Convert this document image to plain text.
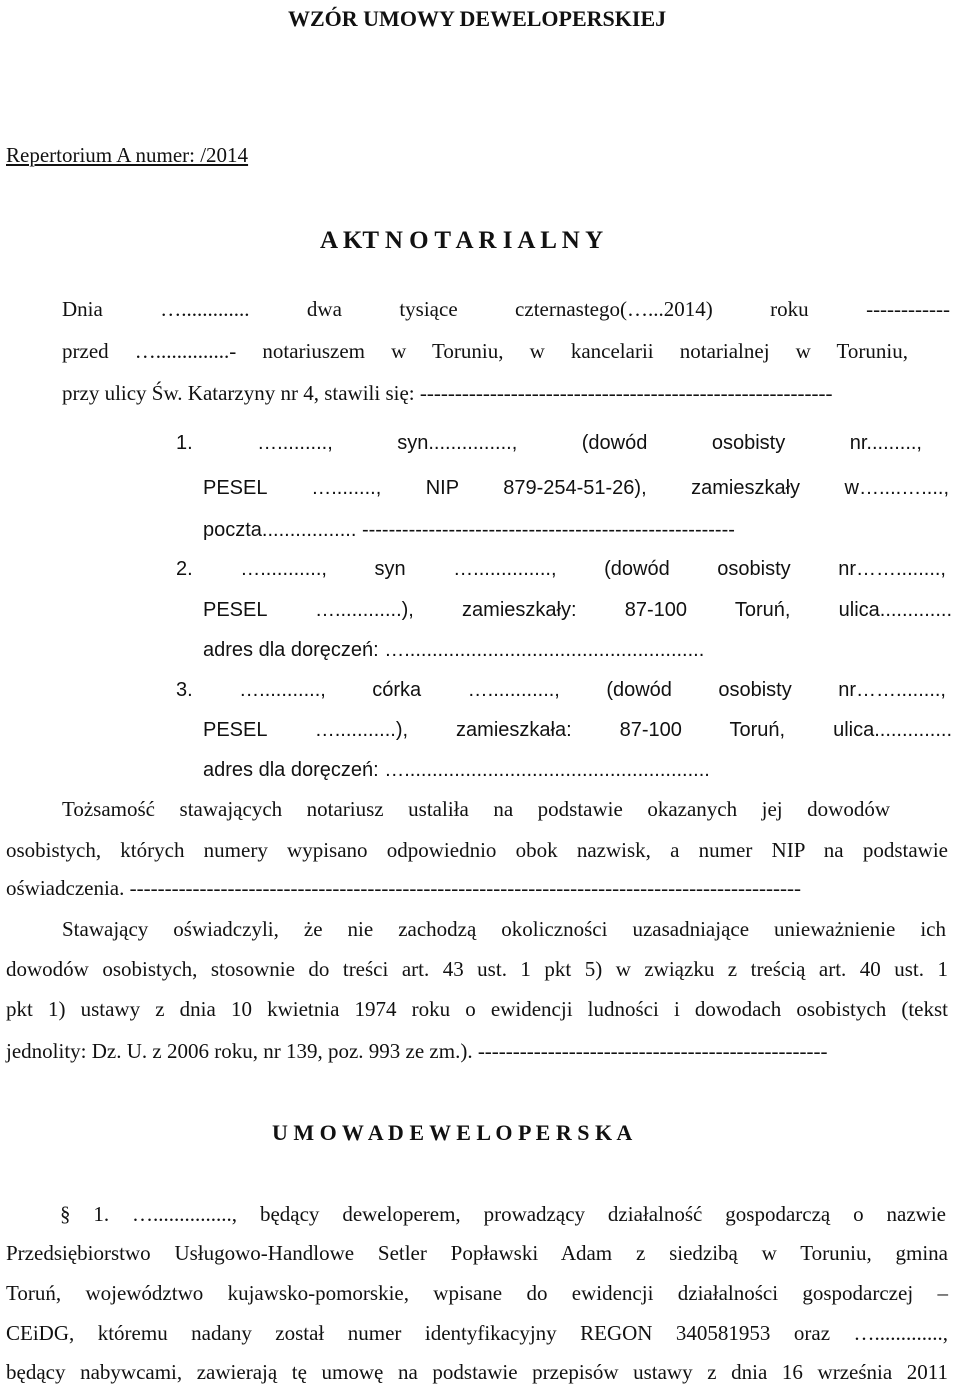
WZÓR UMOWY DEWELOPERSKIEJ
Repertorium A numer: /2014
A KT N O T A R I A L N Y
Dnia …............. dwa tysiące czternastego(…...2014) roku ------------
przed …..............- notariuszem w Toruniu, w kancelarii notarialnej w Toruniu,
przy ulicy Św. Katarzyny nr 4, stawili się: -----------------------------------------------------------
1. …........., syn..............., (dowód osobisty nr.........,
PESEL …........, NIP 879-254-51-26), zamieszkały w…....…....,
poczta................. --------------------------------------------------------
2. …..........., syn ….............., (dowód osobisty nr……........,
PESEL …............), zamieszkały: 87-100 Toruń, ulica.............
adres dla doręczeń: …......................................................
3. …..........., córka …............, (dowód osobisty nr……........,
PESEL …...........), zamieszkała: 87-100 Toruń, ulica..............
adres dla doręczeń: ….......................................................
Tożsamość stawających notariusz ustaliła na podstawie okazanych jej dowodów
osobistych, których numery wypisano odpowiednio obok nazwisk, a numer NIP na podstawie
oświadczenia. ------------------------------------------------------------------------------------------------
Stawający oświadczyli, że nie zachodzą okoliczności uzasadniające unieważnienie ich
dowodów osobistych, stosownie do treści art. 43 ust. 1 pkt 5) w związku z treścią art. 40 ust. 1
pkt 1) ustawy z dnia 10 kwietnia 1974 roku o ewidencji ludności i dowodach osobistych (tekst
jednolity: Dz. U. z 2006 roku, nr 139, poz. 993 ze zm.). --------------------------------------------------
U M O W A D E W E L O P E R S K A
§ 1. …..............., będący deweloperem, prowadzący działalność gospodarczą o nazwie
Przedsiębiorstwo Usługowo-Handlowe Setler Popławski Adam z siedzibą w Toruniu, gmina
Toruń, województwo kujawsko-pomorskie, wpisane do ewidencji działalności gospodarczej –
CEiDG, któremu nadany został numer identyfikacyjny REGON 340581953 oraz ….............,
będący nabywcami, zawierają tę umowę na podstawie przepisów ustawy z dnia 16 września 2011
